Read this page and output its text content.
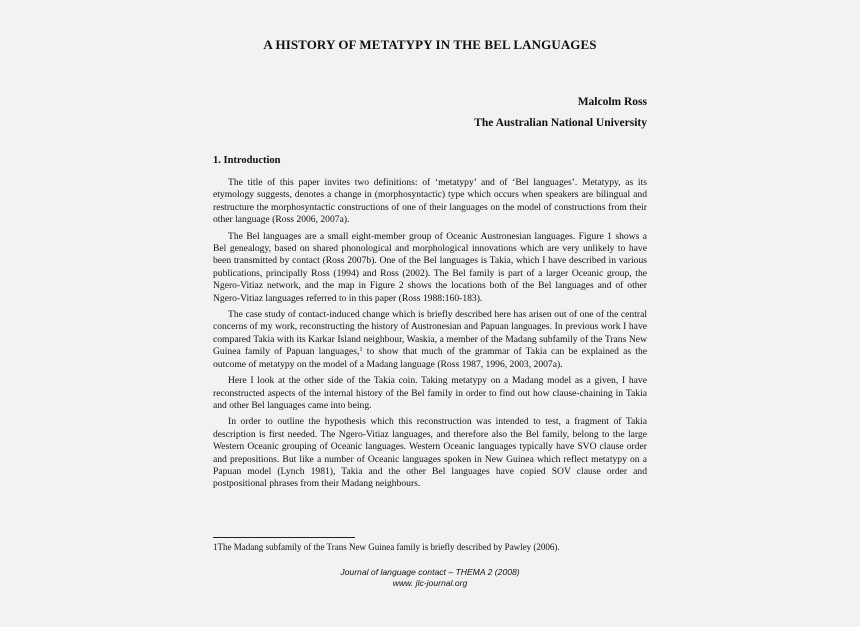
A HISTORY OF METATYPY IN THE BEL LANGUAGES
Malcolm Ross
The Australian National University
1. Introduction

The title of this paper invites two definitions: of ‘metatypy’ and of ‘Bel languages’. Metatypy, as its etymology suggests, denotes a change in (morphosyntactic) type which occurs when speakers are bilingual and restructure the morphosyntactic constructions of one of their languages on the model of constructions from their other language (Ross 2006, 2007a).

The Bel languages are a small eight-member group of Oceanic Austronesian languages. Figure 1 shows a Bel genealogy, based on shared phonological and morphological innovations which are very unlikely to have been transmitted by contact (Ross 2007b). One of the Bel languages is Takia, which I have described in various publications, principally Ross (1994) and Ross (2002). The Bel family is part of a larger Oceanic group, the Ngero-Vitiaz network, and the map in Figure 2 shows the locations both of the Bel languages and of other Ngero-Vitiaz languages referred to in this paper (Ross 1988:160-183).

The case study of contact-induced change which is briefly described here has arisen out of one of the central concerns of my work, reconstructing the history of Austronesian and Papuan languages. In previous work I have compared Takia with its Karkar Island neighbour, Waskia, a member of the Madang subfamily of the Trans New Guinea family of Papuan languages,$^1$ to show that much of the grammar of Takia can be explained as the outcome of metatypy on the model of a Madang language (Ross 1987, 1996, 2003, 2007a).

Here I look at the other side of the Takia coin. Taking metatypy on a Madang model as a given, I have reconstructed aspects of the internal history of the Bel family in order to find out how clause-chaining in Takia and other Bel languages came into being.

In order to outline the hypothesis which this reconstruction was intended to test, a fragment of Takia description is first needed. The Ngero-Vitiaz languages, and therefore also the Bel family, belong to the large Western Oceanic grouping of Oceanic languages. Western Oceanic languages typically have SVO clause order and prepositions. But like a number of Oceanic languages spoken in New Guinea which reflect metatypy on a Papuan model (Lynch 1981), Takia and the other Bel languages have copied SOV clause order and postpositional phrases from their Madang neighbours.

1The Madang subfamily of the Trans New Guinea family is briefly described by Pawley (2006).
Journal of language contact – THEMA 2 (2008)
www. jlc-journal.org
